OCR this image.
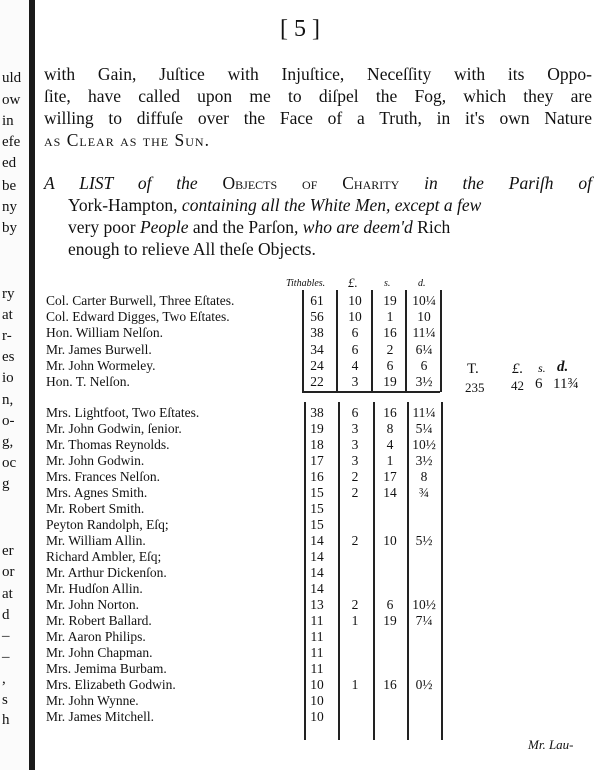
uld
ow
in
efe
ed
be
ny
by
ry
at
r-
es
io
n,
o-
g,
oc
g
er
or
at
d
–
–
,
s
h
[ 5 ]

with Gain, Juſtice with Injuſtice, Neceſſity with its Oppo-

ſite, have called upon me to diſpel the Fog, which they are

willing to diffuſe over the Face of a Truth, in it's own Nature

as Clear as the Sun.

A LIST of the Objects of Charity in the Pariſh of

York-Hampton, containing all the White Men, except a few

very poor People and the Parſon, who are deem'd Rich

enough to relieve All theſe Objects.

Tithables. £.	s.	d.
T.
235
£. s. d.
42 6 11¾
Col. Carter Burwell, Three Eſtates.	61	10	19	10¼
Col. Edward Digges, Two Eſtates.	56	10	1	10
Hon. William Nelſon.	38	6	16	11¼
Mr. James Burwell.	34	6	2	6¼
Mr. John Wormeley.	24	4	6	6
Hon. T. Nelſon.	22	3	19	3½
Mrs. Lightfoot, Two Eſtates.	38	6	16	11¼
Mr. John Godwin, ſenior.	19	3	8	5¼
Mr. Thomas Reynolds.	18	3	4	10½
Mr. John Godwin.	17	3	1	3½
Mrs. Frances Nelſon.	16	2	17	8
Mrs. Agnes Smith.	15	2	14	¾
Mr. Robert Smith.	15
Peyton Randolph, Eſq;	15
Mr. William Allin.	14	2	10	5½
Richard Ambler, Eſq;	14
Mr. Arthur Dickenſon.	14
Mr. Hudſon Allin.	14
Mr. John Norton.	13	2	6	10½
Mr. Robert Ballard.	11	1	19	7¼
Mr. Aaron Philips.	11
Mr. John Chapman.	11
Mrs. Jemima Burbam.	11
Mrs. Elizabeth Godwin.	10	1	16	0½
Mr. John Wynne.	10
Mr. James Mitchell.	10
Mr. Lau-
